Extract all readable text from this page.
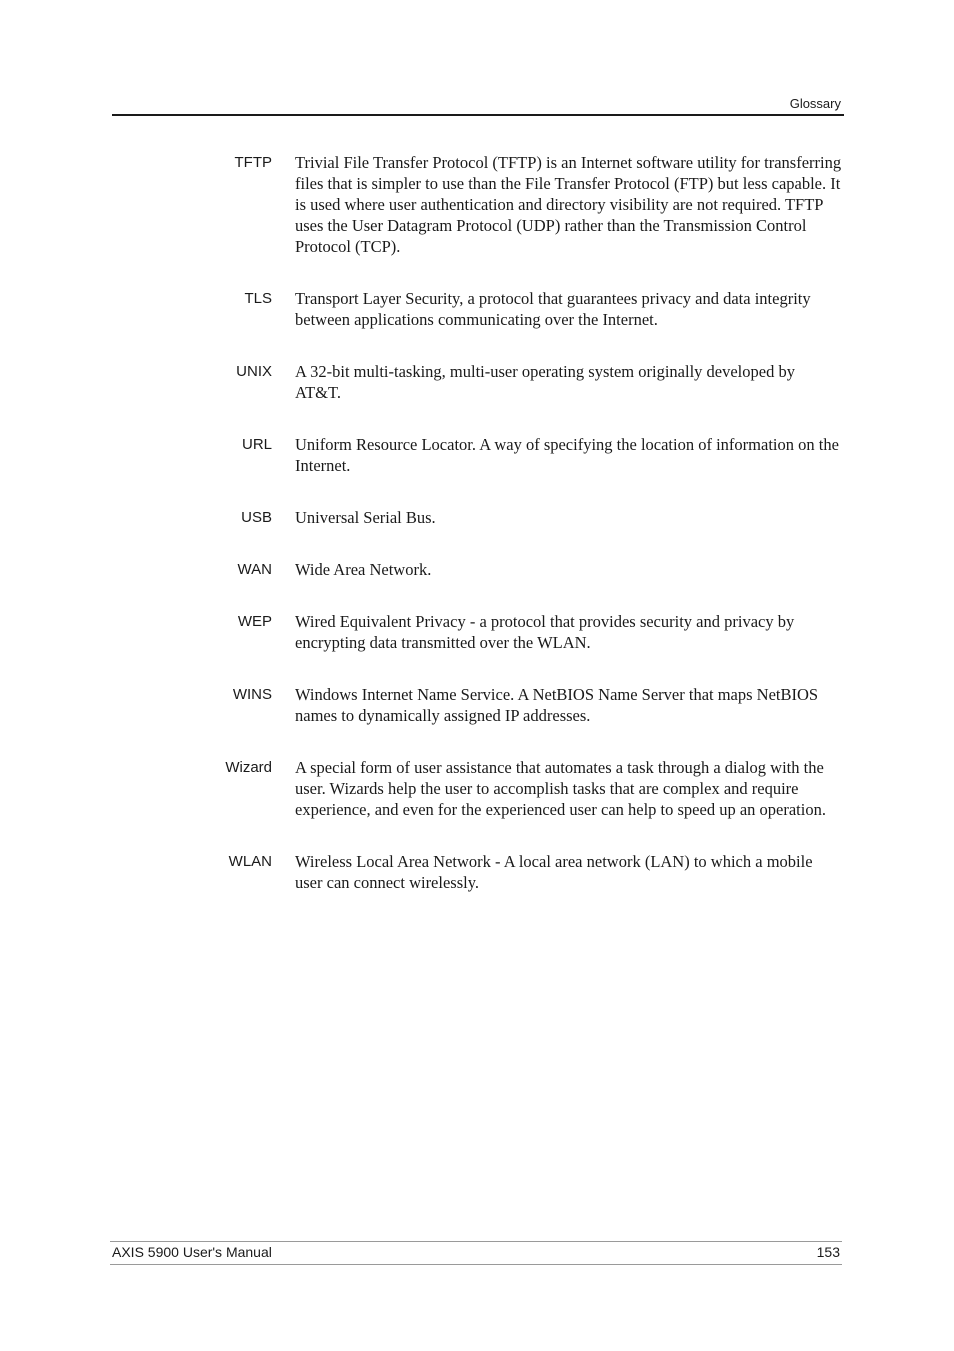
Glossary
TFTP Trivial File Transfer Protocol (TFTP) is an Internet software utility for transferring files that is simpler to use than the File Transfer Protocol (FTP) but less capable. It is used where user authentication and directory visibility are not required. TFTP uses the User Datagram Protocol (UDP) rather than the Transmission Control Protocol (TCP).
TLS Transport Layer Security, a protocol that guarantees privacy and data integrity between applications communicating over the Internet.
UNIX A 32-bit multi-tasking, multi-user operating system originally developed by AT&T.
URL Uniform Resource Locator. A way of specifying the location of information on the Internet.
USB Universal Serial Bus.
WAN Wide Area Network.
WEP Wired Equivalent Privacy - a protocol that provides security and privacy by encrypting data transmitted over the WLAN.
WINS Windows Internet Name Service. A NetBIOS Name Server that maps NetBIOS names to dynamically assigned IP addresses.
Wizard A special form of user assistance that automates a task through a dialog with the user. Wizards help the user to accomplish tasks that are complex and require experience, and even for the experienced user can help to speed up an operation.
WLAN Wireless Local Area Network - A local area network (LAN) to which a mobile user can connect wirelessly.
AXIS 5900 User's Manual	153
